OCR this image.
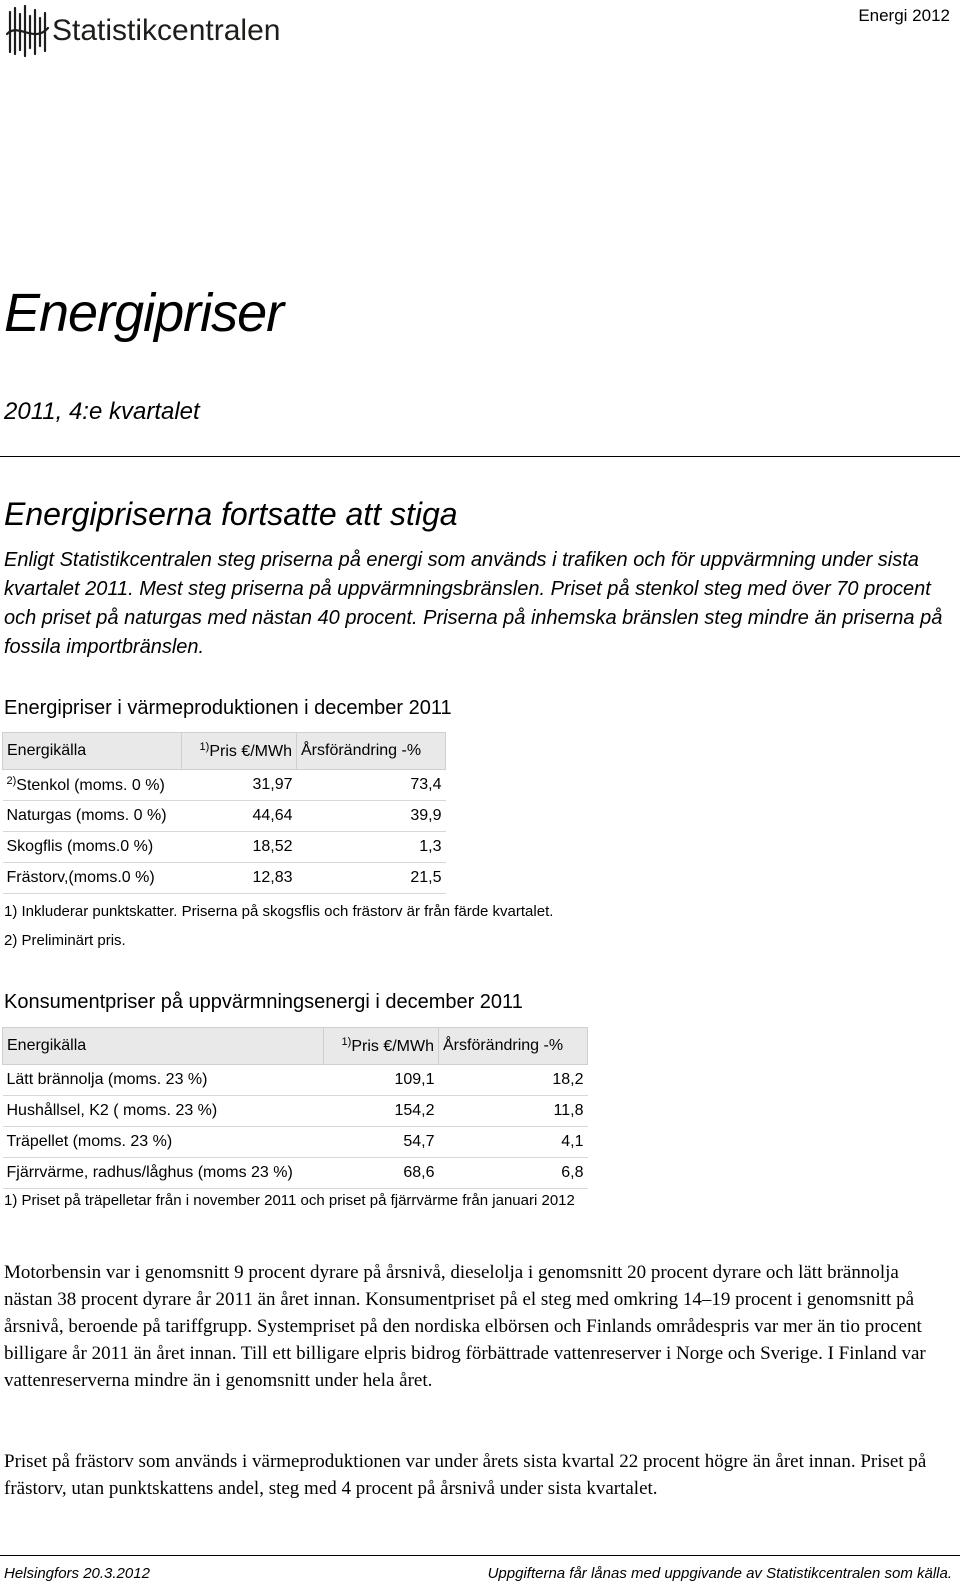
Energi 2012
Statistikcentralen
Energipriser
2011, 4:e kvartalet
Energipriserna fortsatte att stiga
Enligt Statistikcentralen steg priserna på energi som används i trafiken och för uppvärmning under sista kvartalet 2011. Mest steg priserna på uppvärmningsbränslen. Priset på stenkol steg med över 70 procent och priset på naturgas med nästan 40 procent. Priserna på inhemska bränslen steg mindre än priserna på fossila importbränslen.
Energipriser i värmeproduktionen i december 2011
Energikälla	$^{1)}$Pris €/MWh	Årsförändring -%
$^{2)}$Stenkol (moms. 0 %)	31,97	73,4
Naturgas (moms. 0 %)	44,64	39,9
Skogflis (moms.0 %)	18,52	1,3
Frästorv,(moms.0 %)	12,83	21,5
1) Inkluderar punktskatter. Priserna på skogsflis och frästorv är från färde kvartalet.
2) Preliminärt pris.
Konsumentpriser på uppvärmningsenergi i december 2011
Energikälla	$^{1)}$Pris €/MWh	Årsförändring -%
Lätt brännolja (moms. 23 %)	109,1	18,2
Hushållsel, K2 ( moms. 23 %)	154,2	11,8
Träpellet (moms. 23 %)	54,7	4,1
Fjärrvärme, radhus/låghus (moms 23 %)	68,6	6,8
1) Priset på träpelletar från i november 2011 och priset på fjärrvärme från januari 2012
Motorbensin var i genomsnitt 9 procent dyrare på årsnivå, dieselolja i genomsnitt 20 procent dyrare och lätt brännolja nästan 38 procent dyrare år 2011 än året innan. Konsumentpriset på el steg med omkring 14–19 procent i genomsnitt på årsnivå, beroende på tariffgrupp. Systempriset på den nordiska elbörsen och Finlands områdespris var mer än tio procent billigare år 2011 än året innan. Till ett billigare elpris bidrog förbättrade vattenreserver i Norge och Sverige. I Finland var vattenreserverna mindre än i genomsnitt under hela året.
Priset på frästorv som används i värmeproduktionen var under årets sista kvartal 22 procent högre än året innan. Priset på frästorv, utan punktskattens andel, steg med 4 procent på årsnivå under sista kvartalet.
Helsingfors 20.3.2012	Uppgifterna får lånas med uppgivande av Statistikcentralen som källa.
